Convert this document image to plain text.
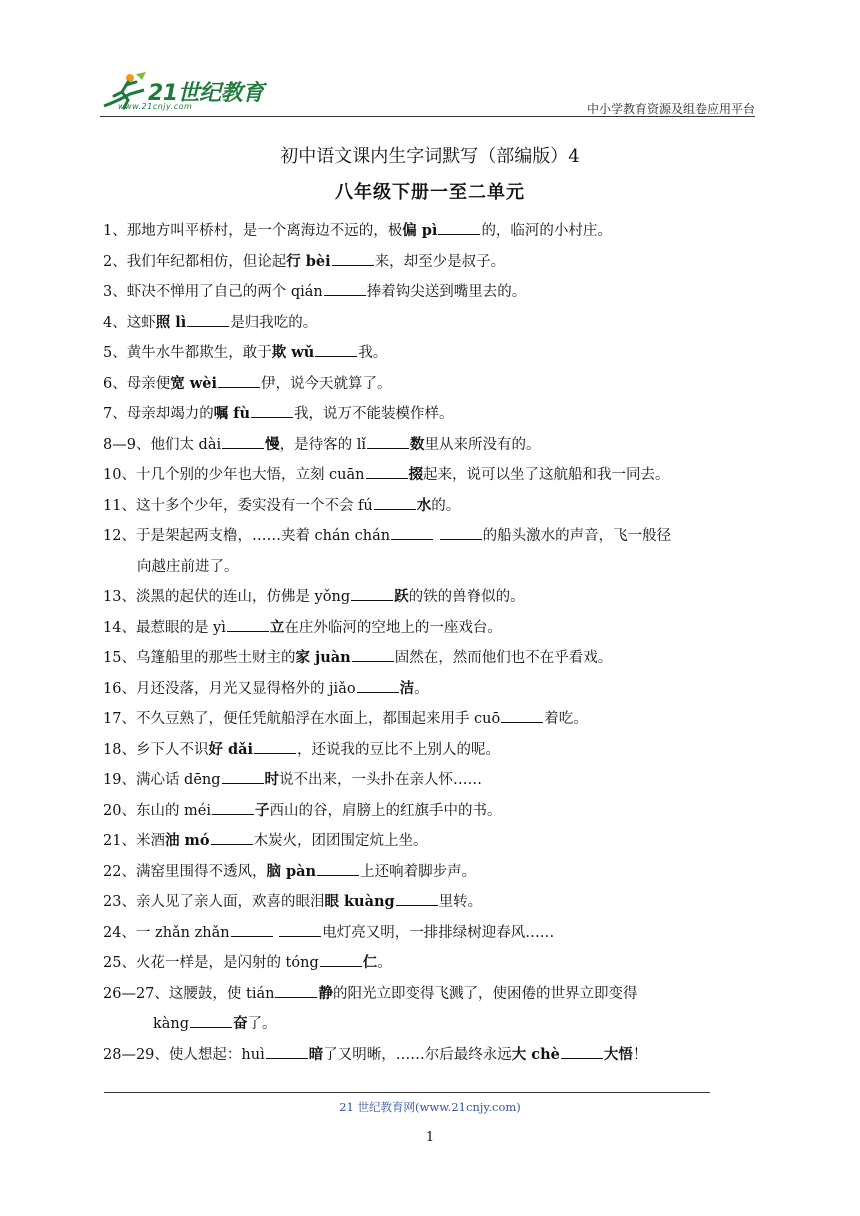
21世纪教育
www.21cnjy.com	中小学教育资源及组卷应用平台
初中语文课内生字词默写（部编版）4
八年级下册一至二单元
1、那地方叫平桥村，是一个离海边不远的，极偏 pì	的，临河的小村庄。
2、我们年纪都相仿，但论起行 bèi	来，却至少是叔子。
3、虾决不惮用了自己的两个 qián	捧着钩尖送到嘴里去的。
4、这虾照 lì	是归我吃的。
5、黄牛水牛都欺生，敢于欺 wǔ	我。
6、母亲便宽 wèi	伊，说今天就算了。
7、母亲却竭力的嘱 fù	我，说万不能装模作样。
8—9、他们太 dài	慢，是待客的 lǐ	数里从来所没有的。
10、十几个别的少年也大悟，立刻 cuān	掇起来，说可以坐了这航船和我一同去。
11、这十多个少年，委实没有一个不会 fú	水的。
12、于是架起两支橹，……夹着 chán chán	的船头激水的声音，飞一般径
向越庄前进了。
13、淡黑的起伏的连山，仿佛是 yǒng	跃的铁的兽脊似的。
14、最惹眼的是 yì	立在庄外临河的空地上的一座戏台。
15、乌篷船里的那些土财主的家 juàn	固然在，然而他们也不在乎看戏。
16、月还没落，月光又显得格外的 jiǎo	洁。
17、不久豆熟了，便任凭航船浮在水面上，都围起来用手 cuō	着吃。
18、乡下人不识好 dǎi	，还说我的豆比不上别人的呢。
19、满心话 dēng	时说不出来，一头扑在亲人怀……
20、东山的 méi	子西山的谷，肩膀上的红旗手中的书。
21、米酒油 mó	木炭火，团团围定炕上坐。
22、满窑里围得不透风，脑 pàn	上还响着脚步声。
23、亲人见了亲人面，欢喜的眼泪眼 kuàng	里转。
24、一 zhǎn zhǎn	电灯亮又明，一排排绿树迎春风……
25、火花一样是，是闪射的 tóng	仁。
26—27、这腰鼓，使 tián	静的阳光立即变得飞溅了，使困倦的世界立即变得
kàng	奋了。
28—29、使人想起：huì	暗了又明晰，……尔后最终永远大 chè	大悟！
21 世纪教育网(www.21cnjy.com)
1
